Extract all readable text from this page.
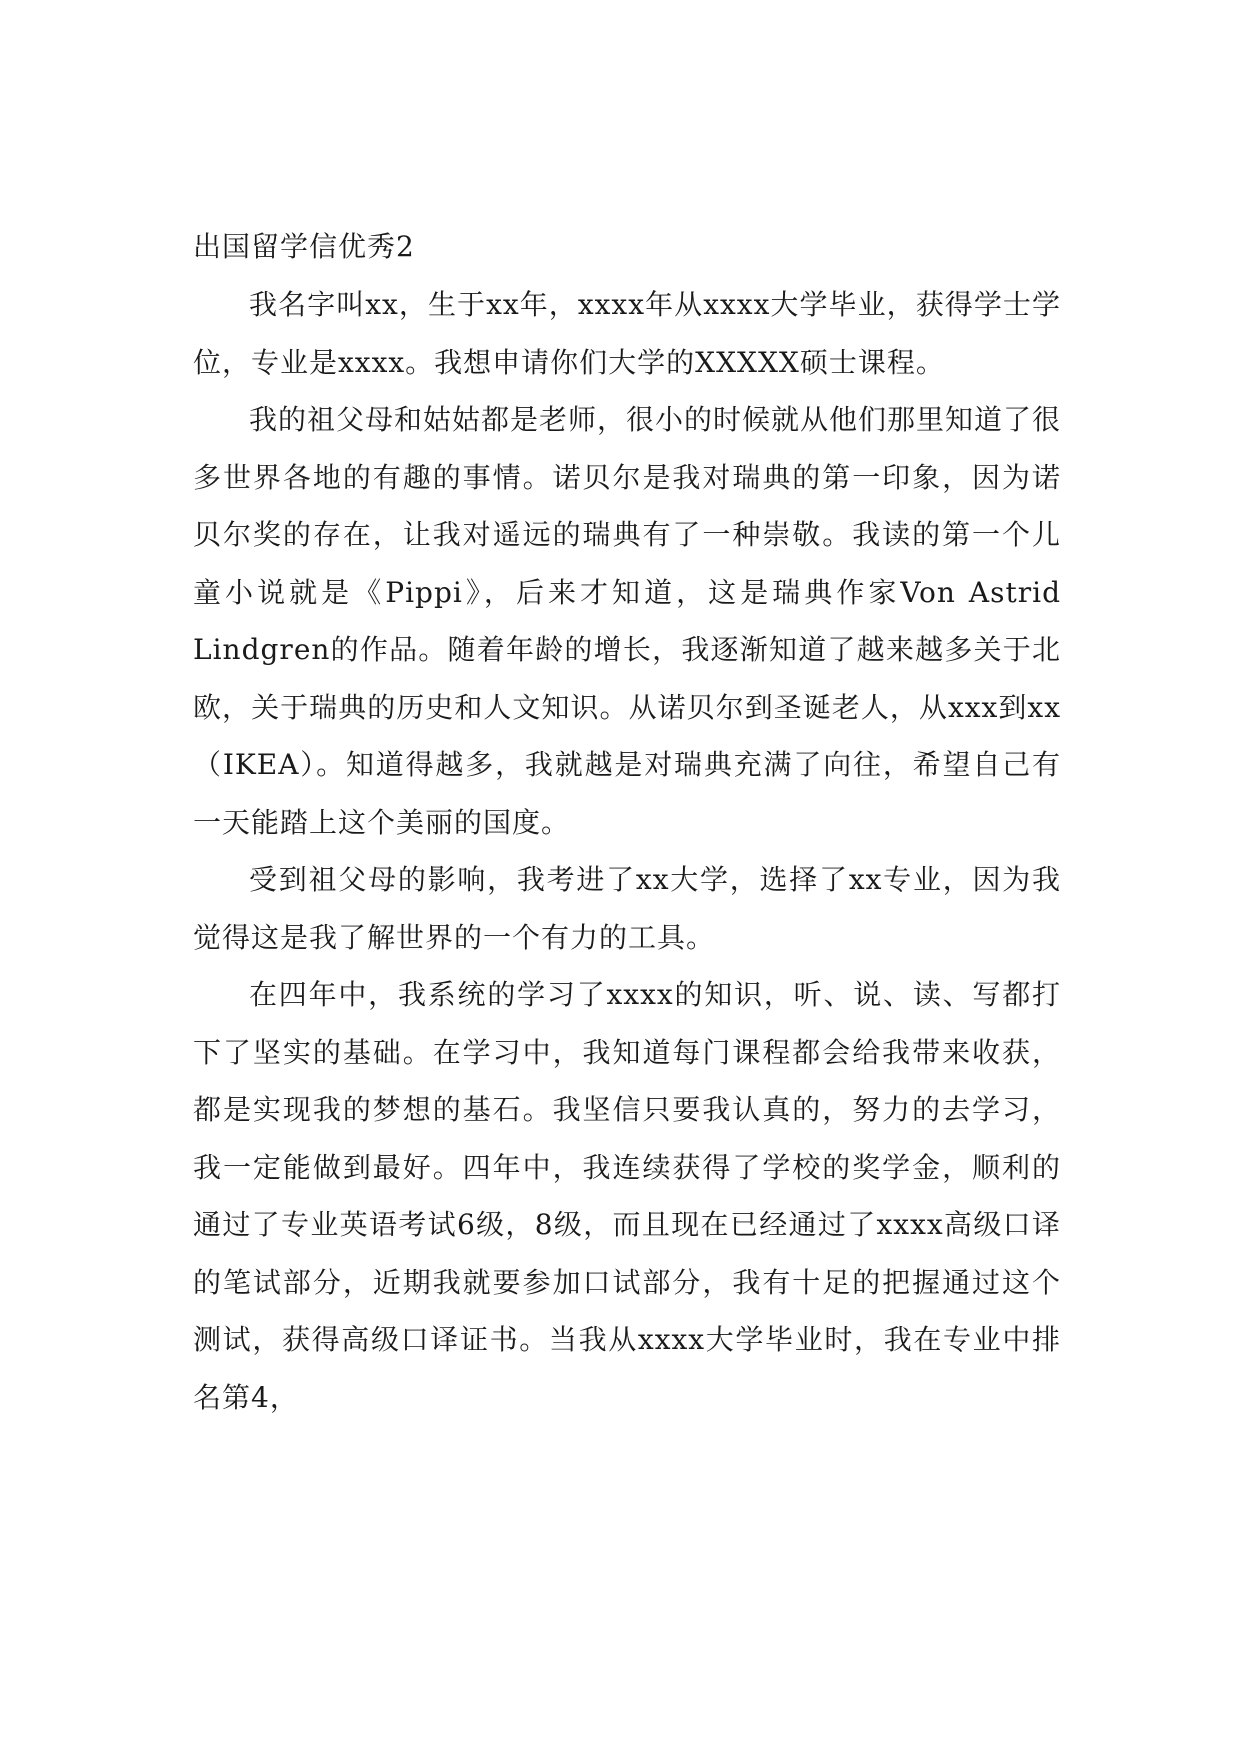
出国留学信优秀2

我名字叫xx，生于xx年，xxxx年从xxxx大学毕业，获得学士学位，专业是xxxx。我想申请你们大学的XXXXX硕士课程。

我的祖父母和姑姑都是老师，很小的时候就从他们那里知道了很多世界各地的有趣的事情。诺贝尔是我对瑞典的第一印象，因为诺贝尔奖的存在，让我对遥远的瑞典有了一种崇敬。我读的第一个儿童小说就是《Pippi》，后来才知道，这是瑞典作家Von Astrid Lindgren的作品。随着年龄的增长，我逐渐知道了越来越多关于北欧，关于瑞典的历史和人文知识。从诺贝尔到圣诞老人，从xxx到xx（IKEA）。知道得越多，我就越是对瑞典充满了向往，希望自己有一天能踏上这个美丽的国度。

受到祖父母的影响，我考进了xx大学，选择了xx专业，因为我觉得这是我了解世界的一个有力的工具。

在四年中，我系统的学习了xxxx的知识，听、说、读、写都打下了坚实的基础。在学习中，我知道每门课程都会给我带来收获，都是实现我的梦想的基石。我坚信只要我认真的，努力的去学习，我一定能做到最好。四年中，我连续获得了学校的奖学金，顺利的通过了专业英语考试6级，8级，而且现在已经通过了xxxx高级口译的笔试部分，近期我就要参加口试部分，我有十足的把握通过这个测试，获得高级口译证书。当我从xxxx大学毕业时，我在专业中排名第4，
